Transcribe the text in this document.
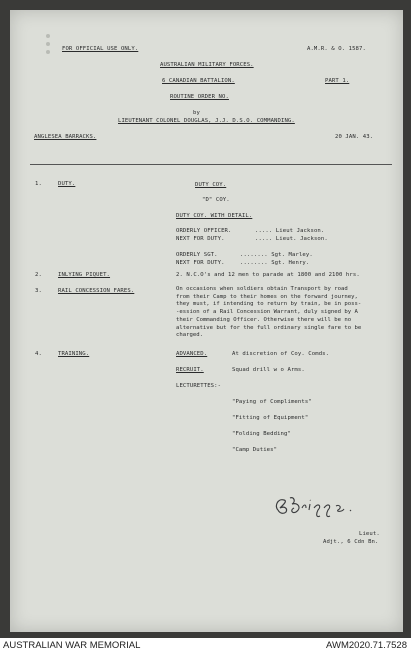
FOR OFFICIAL USE ONLY.	A.M.R. & O. 1587.
AUSTRALIAN MILITARY FORCES.
6 CANADIAN BATTALION.	PART 1.
ROUTINE ORDER NO.
by
LIEUTENANT COLONEL DOUGLAS, J.J. D.S.O. COMMANDING.
ANGLESEA BARRACKS.	20 JAN. 43.
1.	DUTY.	DUTY COY.
"D" COY.
DUTY COY. WITH DETAIL.
ORDERLY OFFICER.	..... Lieut Jackson.
NEXT FOR DUTY.	..... Lieut. Jackson.
ORDERLY SGT.	........ Sgt. Marley.
NEXT FOR DUTY.	........ Sgt. Henry.
2.	INLYING PIQUET.	2. N.C.O's and 12 men to parade at 1800 and 2100 hrs.
3.	RAIL CONCESSION FARES.	On occasions when soldiers obtain Transport by road
from their Camp to their homes on the forward journey,
they must, if intending to return by train, be in poss-
-ession of a Rail Concession Warrant, duly signed by A
their Commanding Officer. Otherwise there will be no
alternative but for the full ordinary single fare to be
charged.
4.	TRAINING.	ADVANCED.	At discretion of Coy. Comds.
RECRUIT.	Squad drill w o Arms.
LECTURETTES:-
"Paying of Compliments"
"Fitting of Equipment"
"Folding Bedding"
"Camp Duties"
Lieut.
Adjt., 6 Cdn Bn.
AUSTRALIAN WAR MEMORIAL	AWM2020.71.7528
